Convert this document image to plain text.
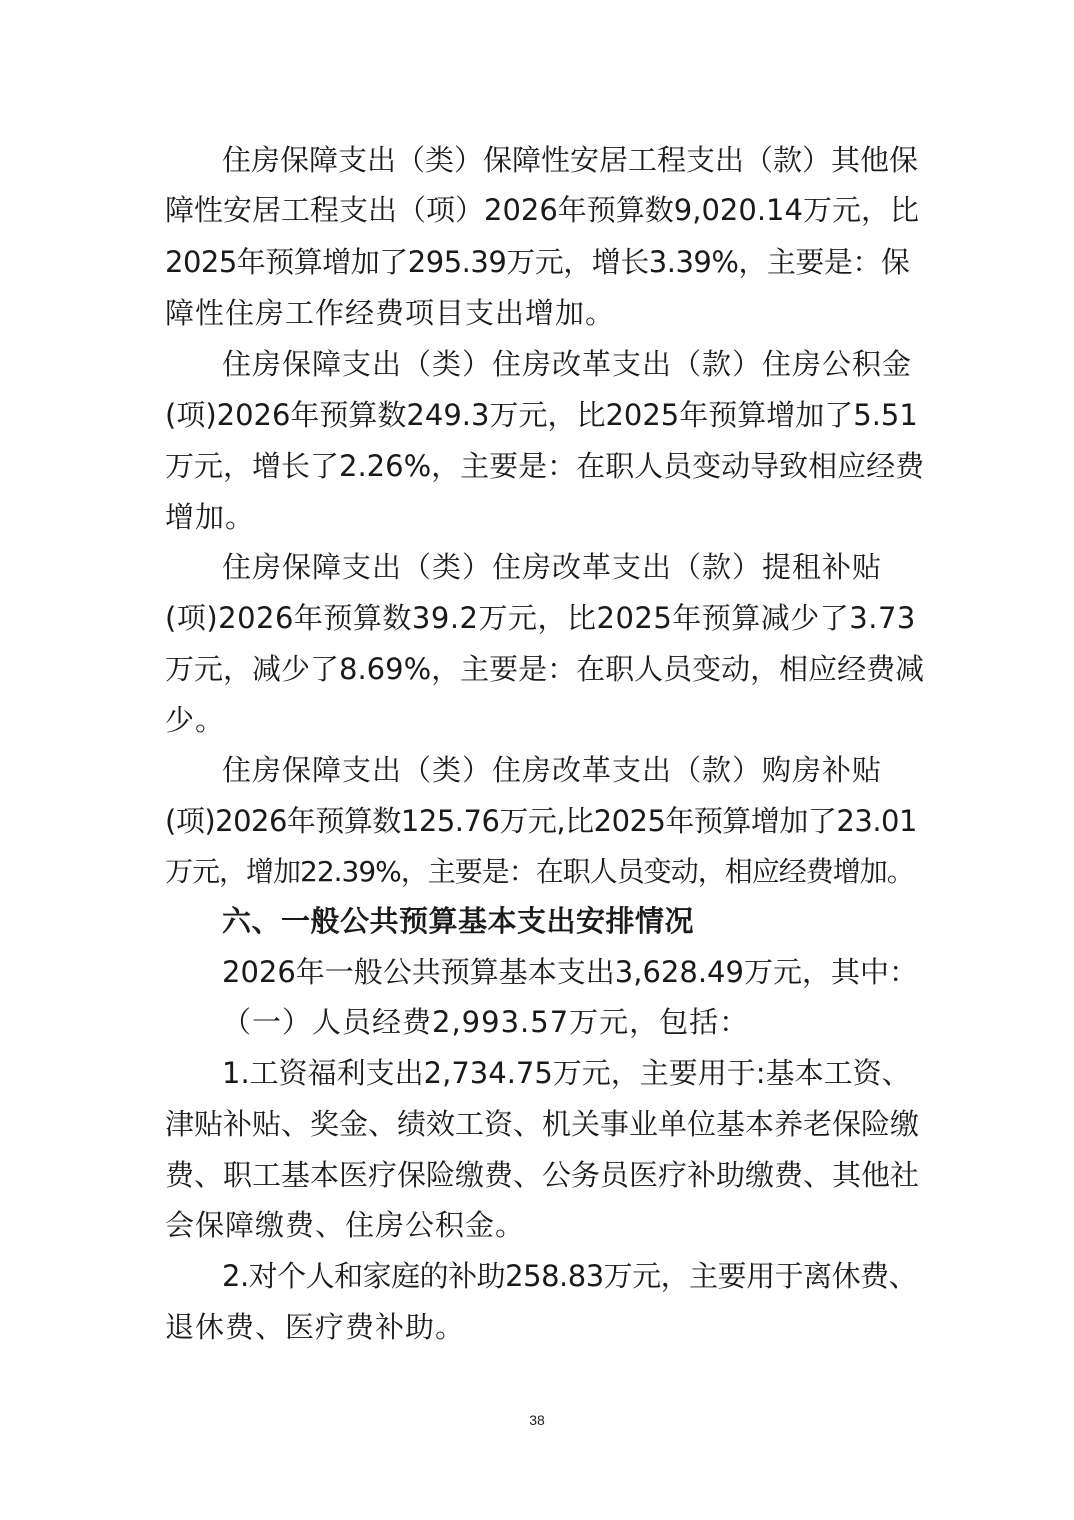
住房保障支出（类）保障性安居工程支出（款）其他保
障性安居工程支出（项）2026年预算数9,020.14万元，比
2025年预算增加了295.39万元，增长3.39%，主要是：保
障性住房工作经费项目支出增加。
住房保障支出（类）住房改革支出（款）住房公积金
(项)2026年预算数249.3万元，比2025年预算增加了5.51
万元，增长了2.26%，主要是：在职人员变动导致相应经费
增加。
住房保障支出（类）住房改革支出（款）提租补贴
(项)2026年预算数39.2万元，比2025年预算减少了3.73
万元，减少了8.69%，主要是：在职人员变动，相应经费减
少。
住房保障支出（类）住房改革支出（款）购房补贴
(项)2026年预算数125.76万元,比2025年预算增加了23.01
万元，增加22.39%，主要是：在职人员变动，相应经费增加。
六、一般公共预算基本支出安排情况
2026年一般公共预算基本支出3,628.49万元，其中：
（一）人员经费2,993.57万元，包括：
1.工资福利支出2,734.75万元，主要用于:基本工资、
津贴补贴、奖金、绩效工资、机关事业单位基本养老保险缴
费、职工基本医疗保险缴费、公务员医疗补助缴费、其他社
会保障缴费、住房公积金。
2.对个人和家庭的补助258.83万元，主要用于离休费、
退休费、医疗费补助。
38
